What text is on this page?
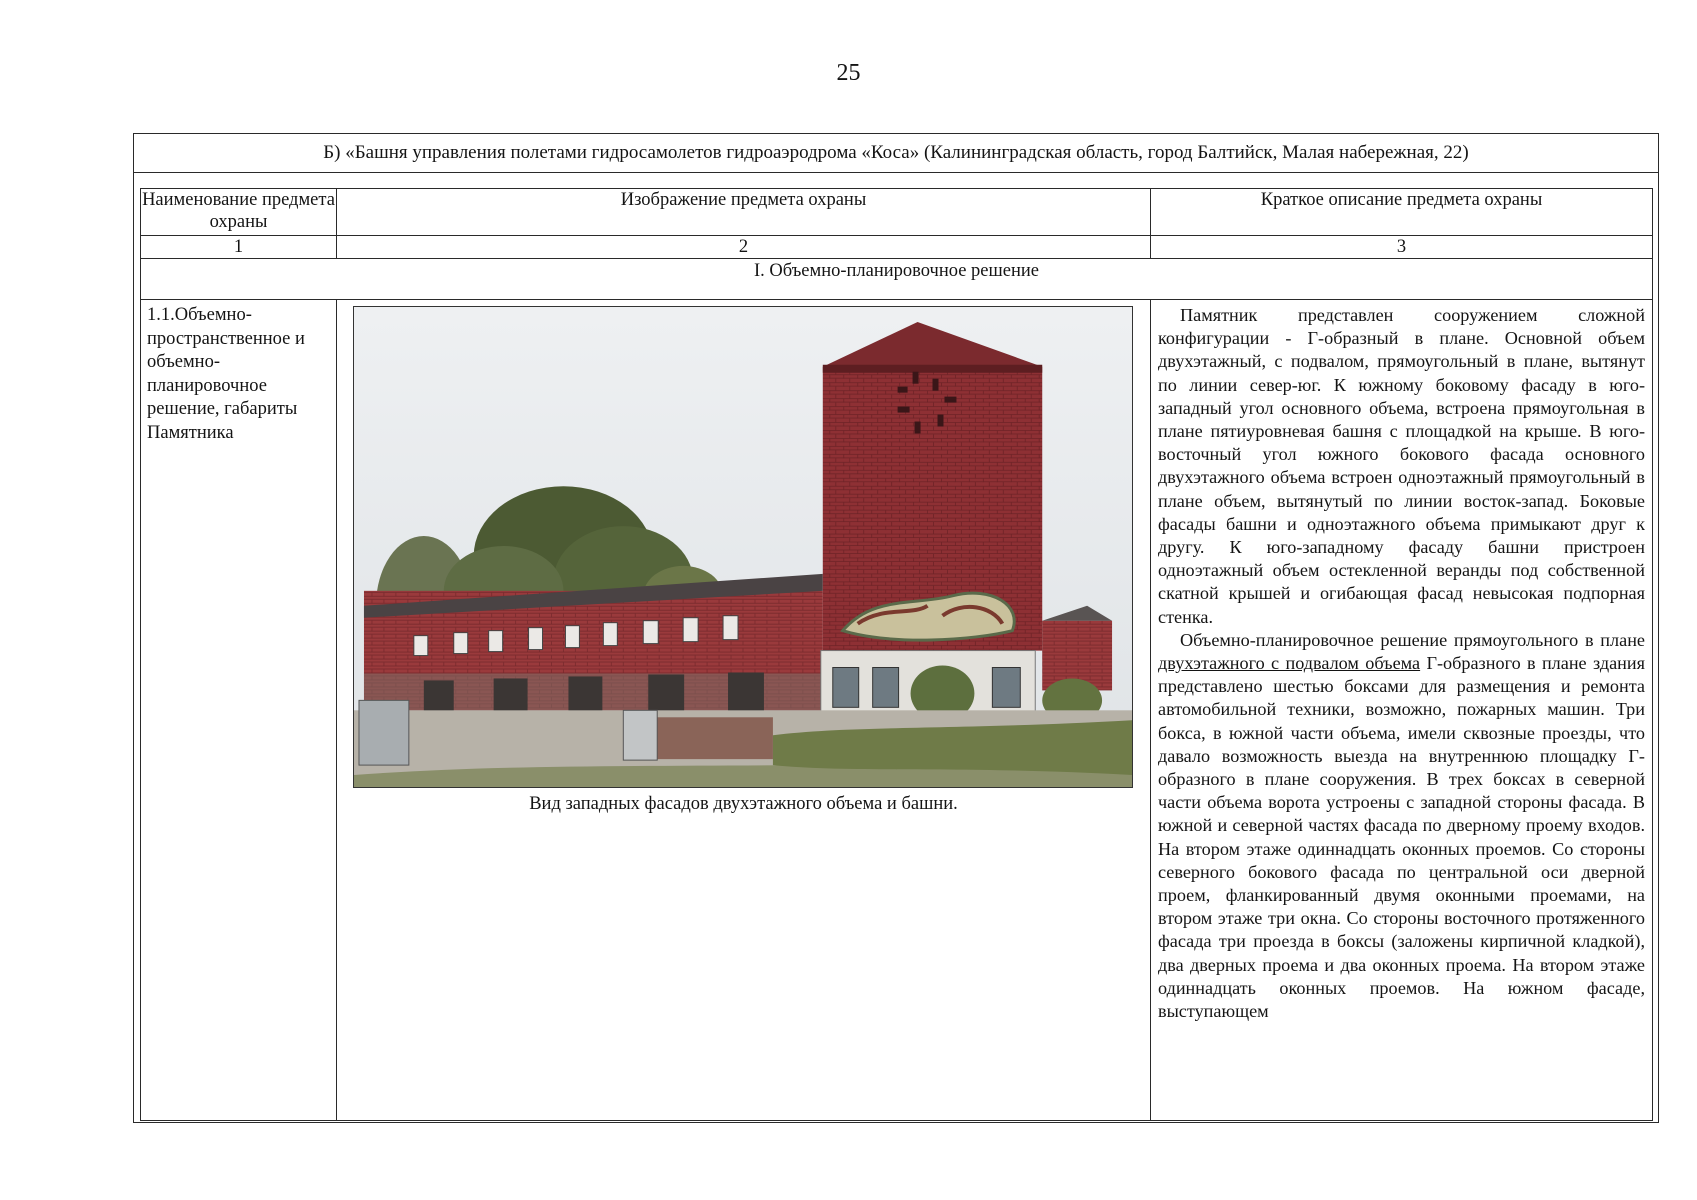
25
Б) «Башня управления полетами гидросамолетов гидроаэродрома «Коса» (Калининградская область, город Балтийск, Малая набережная, 22)
Наименование предмета охраны	Изображение предмета охраны	Краткое описание предмета охраны
1	2	3
I. Объемно-планировочное решение		
1.1.Объемно-пространственное и объемно-планировочное решение, габариты Памятника	Вид западных фасадов двухэтажного объема и башни.	Памятник представлен сооружением сложной конфигурации - Г-образный в плане. Основной объем двухэтажный, с подвалом, прямоугольный в плане, вытянут по линии север-юг. К южному боковому фасаду в юго-западный угол основного объема, встроена прямоугольная в плане пятиуровневая башня с площадкой на крыше. В юго-восточный угол южного бокового фасада основного двухэтажного объема встроен одноэтажный прямоугольный в плане объем, вытянутый по линии восток-запад. Боковые фасады башни и одноэтажного объема примыкают друг к другу. К юго-западному фасаду башни пристроен одноэтажный объем остекленной веранды под собственной скатной крышей и огибающая фасад невысокая подпорная стенка.

Объемно-планировочное решение прямоугольного в плане двухэтажного с подвалом объема Г-образного в плане здания представлено шестью боксами для размещения и ремонта автомобильной техники, возможно, пожарных машин. Три бокса, в южной части объема, имели сквозные проезды, что давало возможность выезда на внутреннюю площадку Г-образного в плане сооружения. В трех боксах в северной части объема ворота устроены с западной стороны фасада. В южной и северной частях фасада по дверному проему входов. На втором этаже одиннадцать оконных проемов. Со стороны северного бокового фасада по центральной оси дверной проем, фланкированный двумя оконными проемами, на втором этаже три окна. Со стороны восточного протяженного фасада три проезда в боксы (заложены кирпичной кладкой), два дверных проема и два оконных проема. На втором этаже одиннадцать оконных проемов. На южном фасаде, выступающем
